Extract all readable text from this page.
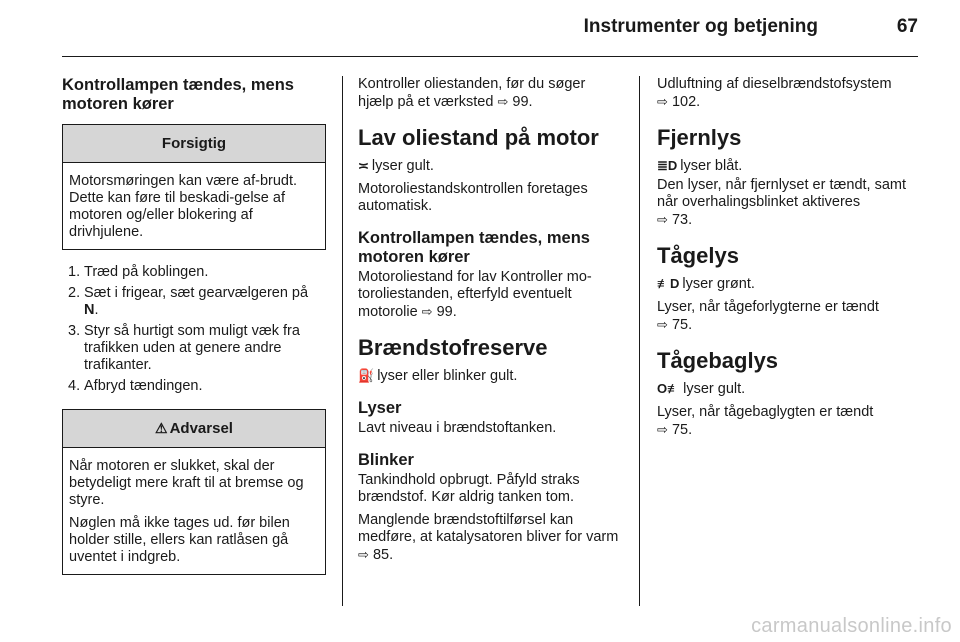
Instrumenter og betjening	67
Kontrollampen tændes, mens motoren kører
Forsigtig
Motorsmøringen kan være af-brudt. Dette kan føre til beskadi-gelse af motoren og/eller blokering af drivhjulene.
1. Træd på koblingen.
2. Sæt i frigear, sæt gearvælgeren på N.
3. Styr så hurtigt som muligt væk fra trafikken uden at genere andre trafikanter.
4. Afbryd tændingen.
⚠ Advarsel
Når motoren er slukket, skal der betydeligt mere kraft til at bremse og styre.
Nøglen må ikke tages ud. før bilen holder stille, ellers kan ratlåsen gå uventet i indgreb.
Kontroller oliestanden, før du søger hjælp på et værksted ⇨ 99.
Lav oliestand på motor
≍ lyser gult.
Motoroliestandskontrollen foretages automatisk.
Kontrollampen tændes, mens motoren kører
Motoroliestand for lav Kontroller mo-toroliestanden, efterfyld eventuelt motorolie ⇨ 99.
Brændstofreserve
⛽ lyser eller blinker gult.
Lyser
Lavt niveau i brændstoftanken.
Blinker
Tankindhold opbrugt. Påfyld straks brændstof. Kør aldrig tanken tom.
Manglende brændstoftilførsel kan medføre, at katalysatoren bliver for varm ⇨ 85.
Udluftning af dieselbrændstofsystem
⇨ 102.
Fjernlys
≣D lyser blåt.
Den lyser, når fjernlyset er tændt, samt når overhalingsblinket aktiveres
⇨ 73.
Tågelys
≢D lyser grønt.
Lyser, når tågeforlygterne er tændt
⇨ 75.
Tågebaglys
O≢ lyser gult.
Lyser, når tågebaglygten er tændt
⇨ 75.
carmanualsonline.info
